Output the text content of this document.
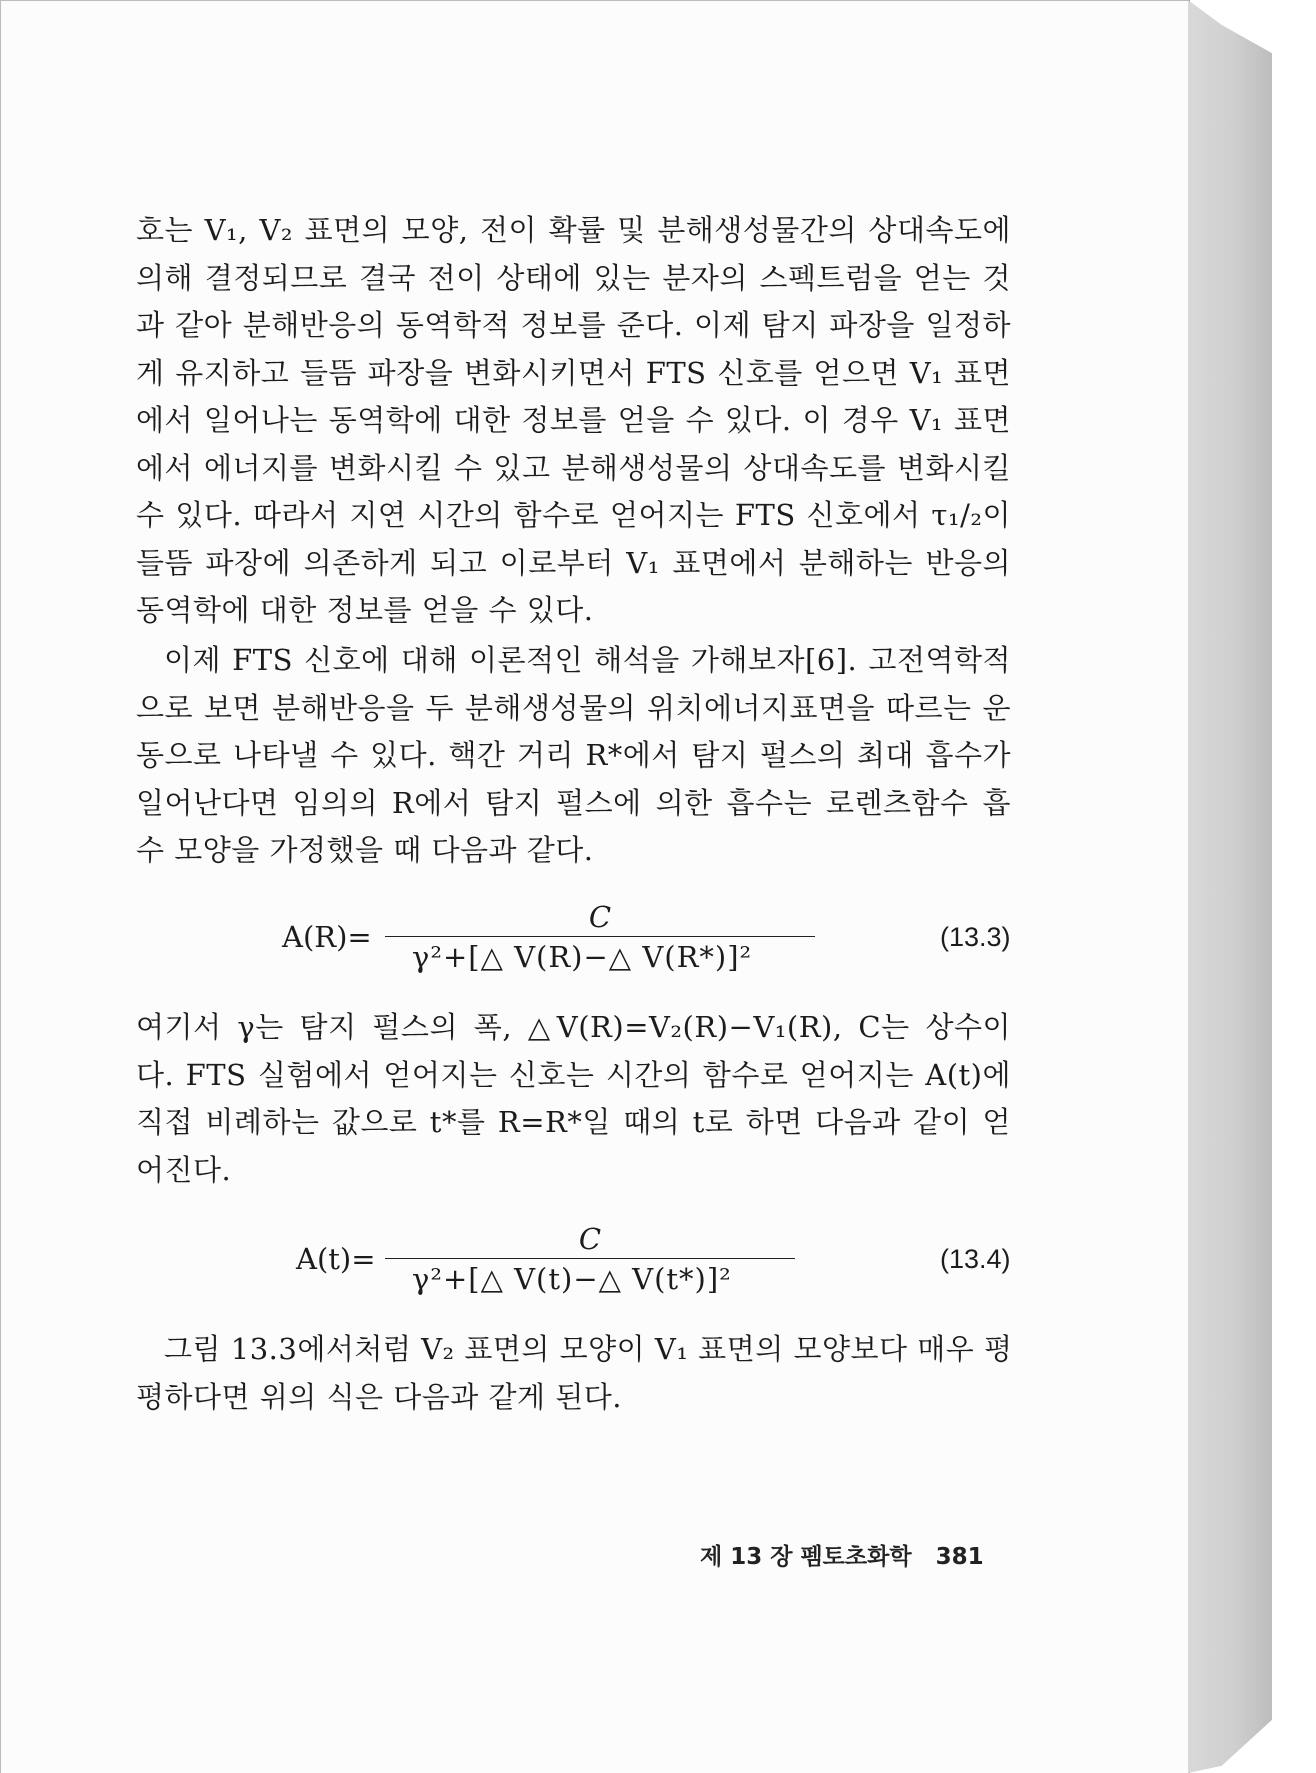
호는 V₁, V₂ 표면의 모양, 전이 확률 및 분해생성물간의 상대속도에
의해 결정되므로 결국 전이 상태에 있는 분자의 스펙트럼을 얻는 것
과 같아 분해반응의 동역학적 정보를 준다. 이제 탐지 파장을 일정하
게 유지하고 들뜸 파장을 변화시키면서 FTS 신호를 얻으면 V₁ 표면
에서 일어나는 동역학에 대한 정보를 얻을 수 있다. 이 경우 V₁ 표면
에서 에너지를 변화시킬 수 있고 분해생성물의 상대속도를 변화시킬
수 있다. 따라서 지연 시간의 함수로 얻어지는 FTS 신호에서 τ₁/₂이
들뜸 파장에 의존하게 되고 이로부터 V₁ 표면에서 분해하는 반응의
동역학에 대한 정보를 얻을 수 있다.
이제 FTS 신호에 대해 이론적인 해석을 가해보자[6]. 고전역학적
으로 보면 분해반응을 두 분해생성물의 위치에너지표면을 따르는 운
동으로 나타낼 수 있다. 핵간 거리 R*에서 탐지 펄스의 최대 흡수가
일어난다면 임의의 R에서 탐지 펄스에 의한 흡수는 로렌츠함수 흡
수 모양을 가정했을 때 다음과 같다.
A(R)=
C
γ²+[△ V(R)−△ V(R*)]²
(13.3)
여기서 γ는 탐지 펄스의 폭, △V(R)=V₂(R)−V₁(R), C는 상수이
다. FTS 실험에서 얻어지는 신호는 시간의 함수로 얻어지는 A(t)에
직접 비례하는 값으로 t*를 R=R*일 때의 t로 하면 다음과 같이 얻
어진다.
A(t)=
C
γ²+[△ V(t)−△ V(t*)]²
(13.4)
그림 13.3에서처럼 V₂ 표면의 모양이 V₁ 표면의 모양보다 매우 평
평하다면 위의 식은 다음과 같게 된다.
제 13 장 펨토초화학 381
